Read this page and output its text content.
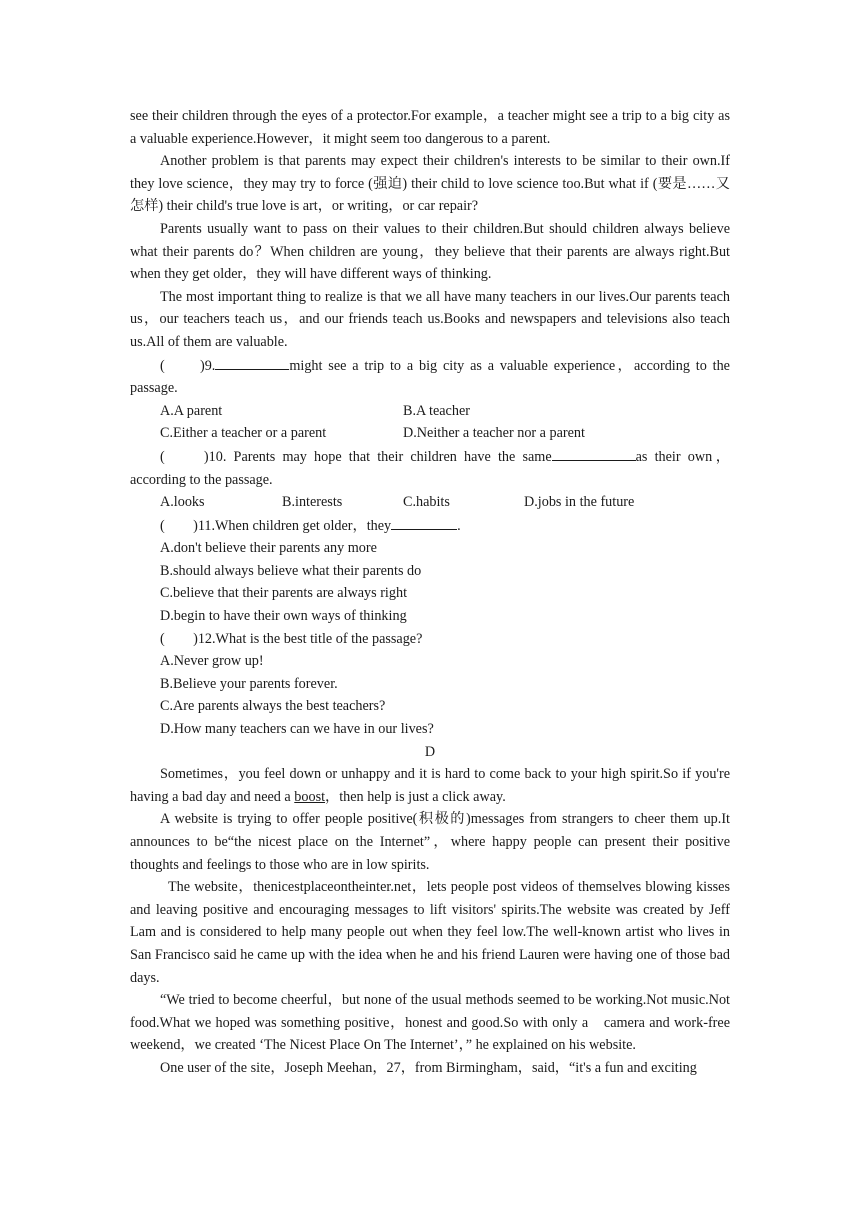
see their children through the eyes of a protector.For example，a teacher might see a trip to a big city as a valuable experience.However，it might seem too dangerous to a parent.

Another problem is that parents may expect their children's interests to be similar to their own.If they love science，they may try to force (强迫) their child to love science too.But what if (要是……又怎样) their child's true love is art，or writing，or car repair?

Parents usually want to pass on their values to their children.But should children always believe what their parents do？When children are young，they believe that their parents are always right.But when they get older，they will have different ways of thinking.

The most important thing to realize is that we all have many teachers in our lives.Our parents teach us，our teachers teach us，and our friends teach us.Books and newspapers and televisions also teach us.All of them are valuable.

(　　)9.	might see a trip to a big city as a valuable experience，according to the passage.

A.A parent	B.A teacher
C.Either a teacher or a parent	D.Neither a teacher nor a parent

(　　)10. Parents may hope that their children have the same	as their own，according to the passage.

A.looks	B.interests	C.habits	D.jobs in the future

(　　)11.When children get older，they	.

A.don't believe their parents any more

B.should always believe what their parents do

C.believe that their parents are always right

D.begin to have their own ways of thinking

(　　)12.What is the best title of the passage?

A.Never grow up!

B.Believe your parents forever.

C.Are parents always the best teachers?

D.How many teachers can we have in our lives?

D

Sometimes，you feel down or unhappy and it is hard to come back to your high spirit.So if you're having a bad day and need a boost，then help is just a click away.

A website is trying to offer people positive(积极的)messages from strangers to cheer them up.It announces to be“the nicest place on the Internet”，where happy people can present their positive thoughts and feelings to those who are in low spirits.

The website，thenicestplaceontheinter.net，lets people post videos of themselves blowing kisses and leaving positive and encouraging messages to lift visitors' spirits.The website was created by Jeff Lam and is considered to help many people out when they feel low.The well-known artist who lives in San Francisco said he came up with the idea when he and his friend Lauren were having one of those bad days.

“We tried to become cheerful，but none of the usual methods seemed to be working.Not music.Not food.What we hoped was something positive，honest and good.So with only a　camera and work-free weekend，we created ‘The Nicest Place On The Internet’，” he explained on his website.

One user of the site，Joseph Meehan，27，from Birmingham，said，“it's a fun and exciting
